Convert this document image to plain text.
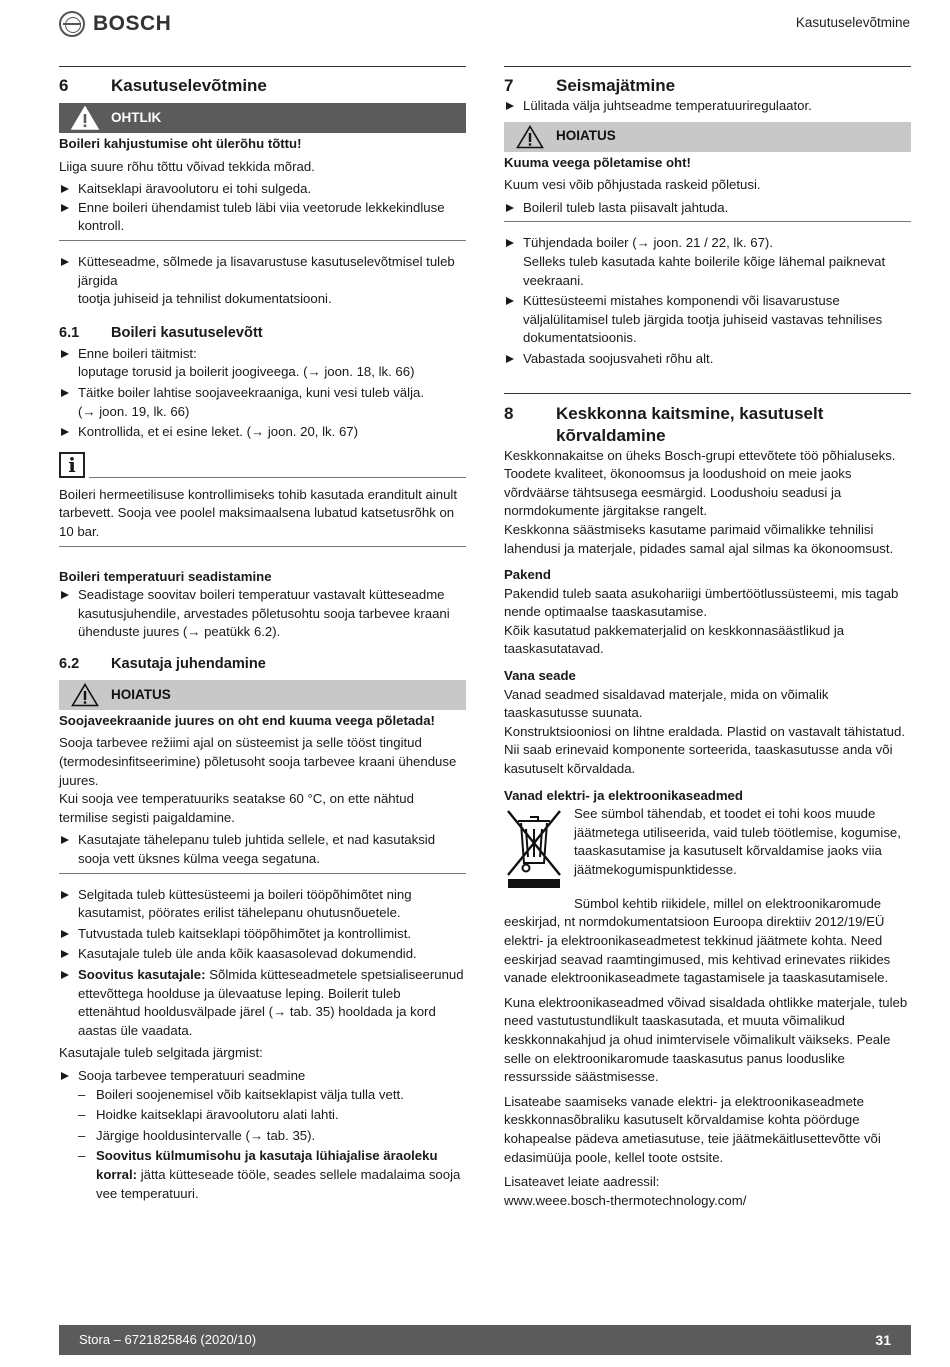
BOSCH	Kasutuselevõtmine
6	Kasutuselevõtmine
OHTLIK

Boileri kahjustumise oht ülerõhu tõttu!

Liiga suure rõhu tõttu võivad tekkida mõrad.

Kaitseklapi äravoolutoru ei tohi sulgeda.
Enne boileri ühendamist tuleb läbi viia veetorude lekkekindluse kontroll.
Kütteseadme, sõlmede ja lisavarustuse kasutuselevõtmisel tuleb järgida
tootja juhiseid ja tehnilist dokumentatsiooni.
6.1	Boileri kasutuselevõtt
Enne boileri täitmist:
loputage torusid ja boilerit joogiveega. (→ joon. 18, lk. 66)
Täitke boiler lahtise soojaveekraaniga, kuni vesi tuleb välja.
(→ joon. 19, lk. 66)
Kontrollida, et ei esine leket. (→ joon. 20, lk. 67)
i

Boileri hermeetilisuse kontrollimiseks tohib kasutada eranditult ainult tarbevett. Sooja vee poolel maksimaalsena lubatud katsetusrõhk on 10 bar.

Boileri temperatuuri seadistamine

Seadistage soovitav boileri temperatuur vastavalt kütteseadme kasutusjuhendile, arvestades põletusohtu sooja tarbevee kraani ühenduste juures (→ peatükk 6.2).
6.2	Kasutaja juhendamine
HOIATUS

Soojaveekraanide juures on oht end kuuma veega põletada!

Sooja tarbevee režiimi ajal on süsteemist ja selle tööst tingitud (termodesinfitseerimine) põletusoht sooja tarbevee kraani ühenduse juures.

Kui sooja vee temperatuuriks seatakse 60 °C, on ette nähtud termilise segisti paigaldamine.

Kasutajate tähelepanu tuleb juhtida sellele, et nad kasutaksid sooja vett üksnes külma veega segatuna.
Selgitada tuleb küttesüsteemi ja boileri tööpõhimõtet ning kasutamist, pöörates erilist tähelepanu ohutusnõuetele.
Tutvustada tuleb kaitseklapi tööpõhimõtet ja kontrollimist.
Kasutajale tuleb üle anda kõik kaasasolevad dokumendid.
Soovitus kasutajale: Sõlmida kütteseadmetele spetsialiseerunud ettevõttega hoolduse ja ülevaatuse leping. Boilerit tuleb ettenähtud hooldusvälpade järel (→ tab. 35) hooldada ja kord aastas üle vaadata.

Kasutajale tuleb selgitada järgmist:

Sooja tarbevee temperatuuri seadmine
– Boileri soojenemisel võib kaitseklapist välja tulla vett.
– Hoidke kaitseklapi äravoolutoru alati lahti.
– Järgige hooldusintervalle (→ tab. 35).
– Soovitus külmumisohu ja kasutaja lühiajalise äraoleku korral: jätta kütteseade tööle, seades sellele madalaima sooja vee temperatuuri.
7	Seismajätmine
Lülitada välja juhtseadme temperatuuriregulaator.
HOIATUS

Kuuma veega põletamise oht!

Kuum vesi võib põhjustada raskeid põletusi.

Boileril tuleb lasta piisavalt jahtuda.
Tühjendada boiler (→ joon. 21 / 22, lk. 67).
Selleks tuleb kasutada kahte boilerile kõige lähemal paiknevat veekraani.
Küttesüsteemi mistahes komponendi või lisavarustuse väljalülitamisel tuleb järgida tootja juhiseid vastavas tehnilises dokumentatsioonis.
Vabastada soojusvaheti rõhu alt.
8	Keskkonna kaitsmine, kasutuselt kõrvaldamine

Keskkonnakaitse on üheks Bosch-grupi ettevõtete töö põhialuseks. Toodete kvaliteet, ökonoomsus ja loodushoid on meie jaoks võrdväärse tähtsusega eesmärgid. Loodushoiu seadusi ja normdokumente järgitakse rangelt.

Keskkonna säästmiseks kasutame parimaid võimalikke tehnilisi lahendusi ja materjale, pidades samal ajal silmas ka ökonoomsust.

Pakend

Pakendid tuleb saata asukohariigi ümbertöötlussüsteemi, mis tagab nende optimaalse taaskasutamise.

Kõik kasutatud pakkematerjalid on keskkonnasäästlikud ja taaskasutatavad.

Vana seade

Vanad seadmed sisaldavad materjale, mida on võimalik taaskasutusse suunata.

Konstruktsiooniosi on lihtne eraldada. Plastid on vastavalt tähistatud. Nii saab erinevaid komponente sorteerida, taaskasutusse anda või kasutuselt kõrvaldada.

Vanad elektri- ja elektroonikaseadmed

See sümbol tähendab, et toodet ei tohi koos muude jäätmetega utiliseerida, vaid tuleb töötlemise, kogumise, taaskasutamise ja kasutuselt kõrvaldamise jaoks viia jäätmekogumispunktidesse.

Sümbol kehtib riikidele, millel on elektroonikaromude eeskirjad, nt normdokumentatsioon Euroopa direktiiv 2012/19/EÜ elektri- ja elektroonikaseadmetest tekkinud jäätmete kohta. Need eeskirjad seavad raamtingimused, mis kehtivad erinevates riikides vanade elektroonikaseadmete tagastamisele ja taaskasutamisele.

Kuna elektroonikaseadmed võivad sisaldada ohtlikke materjale, tuleb need vastutustundlikult taaskasutada, et muuta võimalikud keskkonnakahjud ja ohud inimtervisele võimalikult väikseks. Peale selle on elektroonikaromude taaskasutus panus looduslike ressursside säästmisesse.

Lisateabe saamiseks vanade elektri- ja elektroonikaseadmete keskkonnasõbraliku kasutuselt kõrvaldamise kohta pöörduge kohapealse pädeva ametiasutuse, teie jäätmekäitlusettevõtte või edasimüüja poole, kellel toote ostsite.

Lisateavet leiate aadressil:

www.weee.bosch-thermotechnology.com/

Stora – 6721825846 (2020/10)	31
